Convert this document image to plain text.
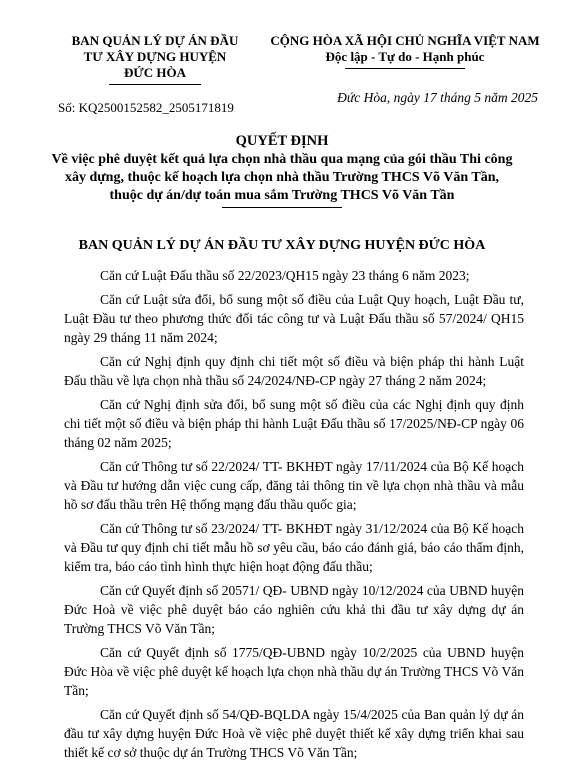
BAN QUẢN LÝ DỰ ÁN ĐẦU
TƯ XÂY DỰNG HUYỆN
ĐỨC HÒA
CỘNG HÒA XÃ HỘI CHỦ NGHĨA VIỆT NAM
Độc lập - Tự do - Hạnh phúc
Đức Hòa, ngày 17 tháng 5 năm 2025
Số: KQ2500152582_2505171819
QUYẾT ĐỊNH
Về việc phê duyệt kết quả lựa chọn nhà thầu qua mạng của gói thầu Thi công xây dựng, thuộc kế hoạch lựa chọn nhà thầu Trường THCS Võ Văn Tần, thuộc dự án/dự toán mua sắm Trường THCS Võ Văn Tần
BAN QUẢN LÝ DỰ ÁN ĐẦU TƯ XÂY DỰNG HUYỆN ĐỨC HÒA

Căn cứ Luật Đấu thầu số 22/2023/QH15 ngày 23 tháng 6 năm 2023;

Căn cứ Luật sửa đổi, bổ sung một số điều của Luật Quy hoạch, Luật Đầu tư, Luật Đầu tư theo phương thức đối tác công tư và Luật Đấu thầu số 57/2024/ QH15 ngày 29 tháng 11 năm 2024;

Căn cứ Nghị định quy định chi tiết một số điều và biện pháp thi hành Luật Đấu thầu về lựa chọn nhà thầu số 24/2024/NĐ-CP ngày 27 tháng 2 năm 2024;

Căn cứ Nghị định sửa đổi, bổ sung một số điều của các Nghị định quy định chi tiết một số điều và biện pháp thi hành Luật Đấu thầu số 17/2025/NĐ-CP ngày 06 tháng 02 năm 2025;

Căn cứ Thông tư số 22/2024/ TT- BKHĐT ngày 17/11/2024 của Bộ Kế hoạch và Đầu tư hướng dẫn việc cung cấp, đăng tải thông tin về lựa chọn nhà thầu và mẫu hồ sơ đấu thầu trên Hệ thống mạng đấu thầu quốc gia;

Căn cứ Thông tư số 23/2024/ TT- BKHĐT ngày 31/12/2024 của Bộ Kế hoạch và Đầu tư quy định chi tiết mẫu hồ sơ yêu cầu, báo cáo đánh giá, báo cáo thẩm định, kiểm tra, báo cáo tình hình thực hiện hoạt động đấu thầu;

Căn cứ Quyết định số 20571/ QĐ- UBND ngày 10/12/2024 của UBND huyện Đức Hoà về việc phê duyệt báo cáo nghiên cứu khả thi đầu tư xây dựng dự án Trường THCS Võ Văn Tần;

Căn cứ Quyết định số 1775/QĐ-UBND ngày 10/2/2025 của UBND huyện Đức Hòa về việc phê duyệt kế hoạch lựa chọn nhà thầu dự án Trường THCS Võ Văn Tần;

Căn cứ Quyết định số 54/QĐ-BQLDA ngày 15/4/2025 của Ban quản lý dự án đầu tư xây dựng huyện Đức Hoà về việc phê duyệt thiết kế xây dựng triển khai sau thiết kế cơ sở thuộc dự án Trường THCS Võ Văn Tần;
